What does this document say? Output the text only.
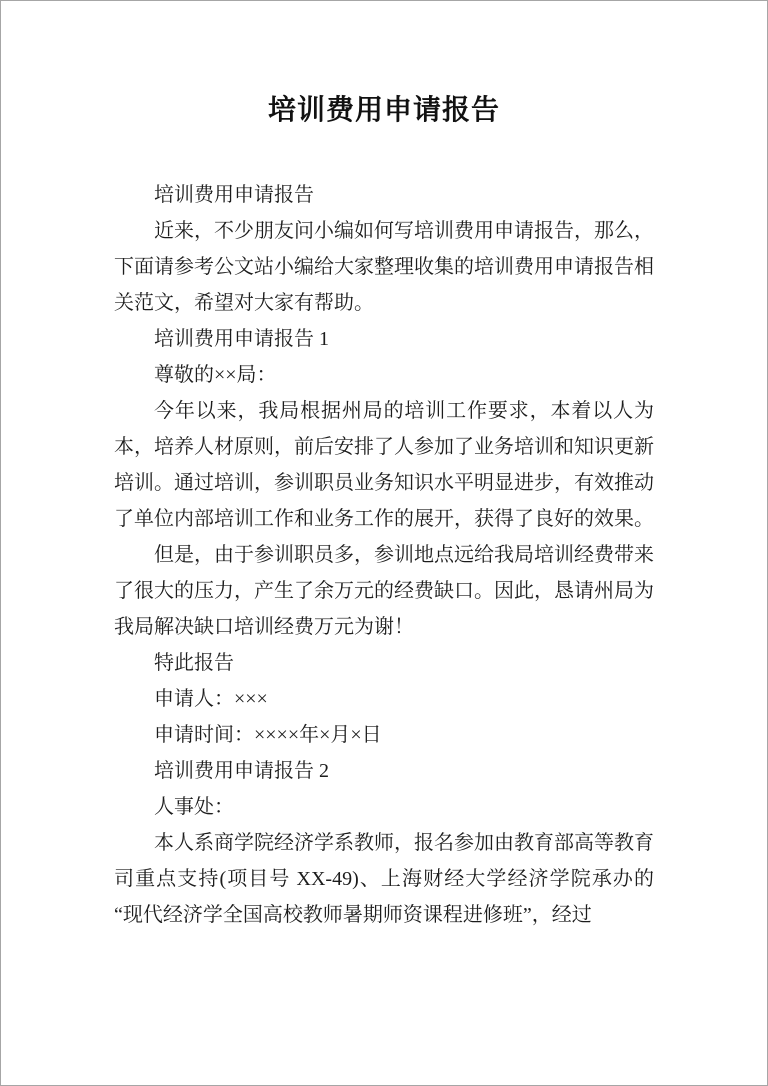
培训费用申请报告

培训费用申请报告

近来，不少朋友问小编如何写培训费用申请报告，那么，下面请参考公文站小编给大家整理收集的培训费用申请报告相关范文，希望对大家有帮助。

培训费用申请报告 1

尊敬的××局：

今年以来，我局根据州局的培训工作要求，本着以人为本，培养人材原则，前后安排了人参加了业务培训和知识更新培训。通过培训，参训职员业务知识水平明显进步，有效推动了单位内部培训工作和业务工作的展开，获得了良好的效果。

但是，由于参训职员多，参训地点远给我局培训经费带来了很大的压力，产生了余万元的经费缺口。因此，恳请州局为我局解决缺口培训经费万元为谢！

特此报告

申请人：×××

申请时间：××××年×月×日

培训费用申请报告 2

人事处：

本人系商学院经济学系教师，报名参加由教育部高等教育司重点支持(项目号 XX-49)、上海财经大学经济学院承办的“现代经济学全国高校教师暑期师资课程进修班”，经过
